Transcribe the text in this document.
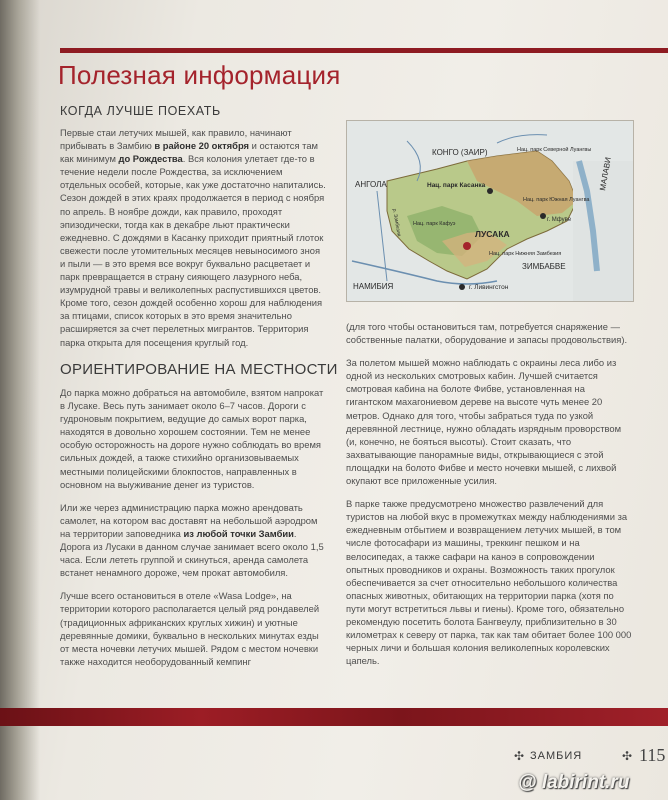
Полезная информация
КОГДА ЛУЧШЕ ПОЕХАТЬ

Первые стаи летучих мышей, как правило, начинают прибывать в Замбию в районе 20 октября и остаются там как минимум до Рождества. Вся колония улетает где-то в течение недели после Рождества, за исключением отдельных особей, которые, как уже достаточно напитались. Сезон дождей в этих краях продолжается в период с ноября по апрель. В ноябре дожди, как правило, проходят эпизодически, тогда как в декабре льют практически ежедневно. С дождями в Касанку приходит приятный глоток свежести после утомительных месяцев невыносимого зноя и пыли — в это время все вокруг буквально расцветает и парк превращается в страну сияющего лазурного неба, изумрудной травы и великолепных распустившихся цветов. Кроме того, сезон дождей особенно хорош для наблюдения за птицами, список которых в это время значительно расширяется за счет перелетных мигрантов. Территория парка открыта для посещения круглый год.

ОРИЕНТИРОВАНИЕ НА МЕСТНОСТИ

До парка можно добраться на автомобиле, взятом напрокат в Лусаке. Весь путь занимает около 6–7 часов. Дороги с гудроновым покрытием, ведущие до самых ворот парка, находятся в довольно хорошем состоянии. Тем не менее особую осторожность на дороге нужно соблюдать во время сильных дождей, а также стихийно организовываемых местными полицейскими блокпостов, направленных в основном на выуживание денег из туристов.

Или же через администрацию парка можно арендовать самолет, на котором вас доставят на небольшой аэродром на территории заповедника из любой точки Замбии. Дорога из Лусаки в данном случае занимает всего около 1,5 часа. Если лететь группой и скинуться, аренда самолета встанет ненамного дороже, чем прокат автомобиля.

Лучше всего остановиться в отеле «Wasa Lodge», на территории которого располагается целый ряд рондавелей (традиционных африканских круглых хижин) и уютные деревянные домики, буквально в нескольких минутах езды от места ночевки летучих мышей. Рядом с местом ночевки также находится необорудованный кемпинг

КОНГО (ЗАИР)
АНГОЛА	МАЛАВИ
ЗИМБАБВЕ
НАМИБИЯ
ЛУСАКА
Нац. парк Касанка
Нац. парк Северной Луангвы
Нац. парк Южная Луангва
Нац. парк Кафуэ
Нац. парк Нижняя Замбезия
г. Мфуве
г. Ливингстон
р. Замбезия

(для того чтобы остановиться там, потребуется снаряжение — собственные палатки, оборудование и запасы продовольствия).

За полетом мышей можно наблюдать с окраины леса либо из одной из нескольких смотровых кабин. Лучшей считается смотровая кабина на болоте Фибве, установленная на гигантском махагониевом дереве на высоте чуть менее 20 метров. Однако для того, чтобы забраться туда по узкой деревянной лестнице, нужно обладать изрядным проворством (и, конечно, не бояться высоты). Стоит сказать, что захватывающие панорамные виды, открывающиеся с этой площадки на болото Фибве и место ночевки мышей, с лихвой окупают все приложенные усилия.

В парке также предусмотрено множество развлечений для туристов на любой вкус в промежутках между наблюдениями за ежедневным отбытием и возвращением летучих мышей, в том числе фотосафари из машины, треккинг пешком и на велосипедах, а также сафари на каноэ в сопровождении опытных проводников и охраны. Возможность таких прогулок обеспечивается за счет относительно небольшого количества опасных животных, обитающих на территории парка (хотя по пути могут встретиться львы и гиены). Кроме того, обязательно рекомендую посетить болота Бангвеулу, приблизительно в 30 километрах к северу от парка, так как там обитает более 100 000 черных личи и большая колония великолепных королевских цапель.

✣ ЗАМБИЯ	✣ 115
@ labirint.ru
